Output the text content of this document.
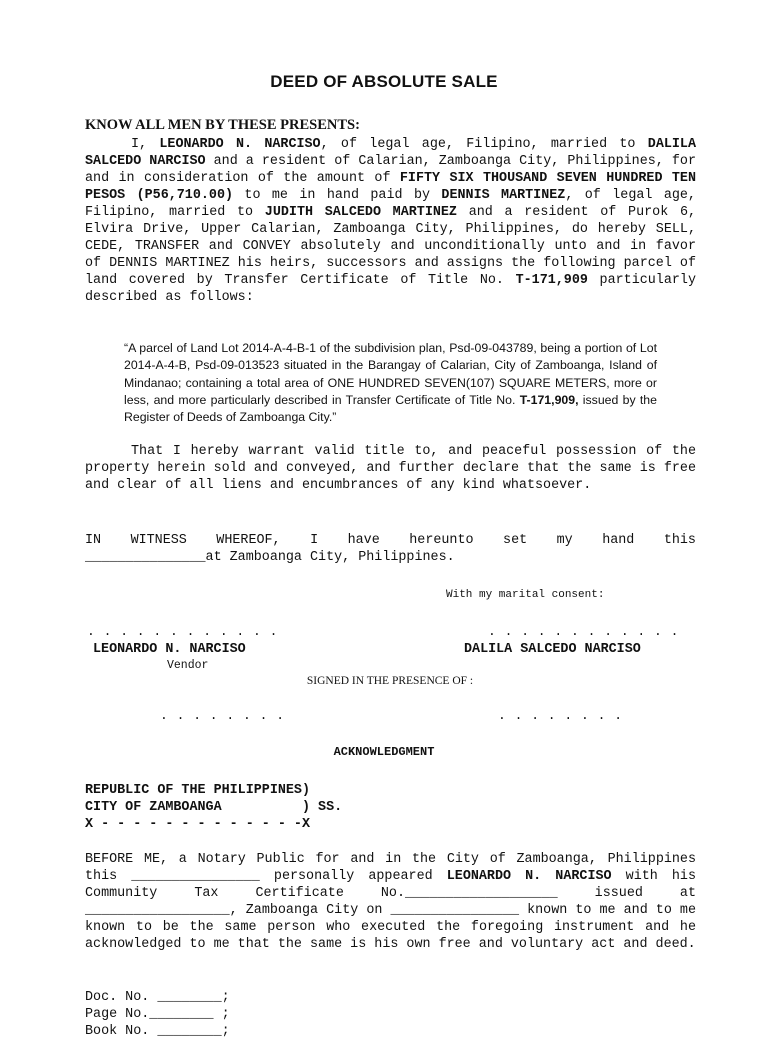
DEED OF ABSOLUTE SALE
KNOW ALL MEN BY THESE PRESENTS:
I, LEONARDO N. NARCISO, of legal age, Filipino, married to DALILA SALCEDO NARCISO and a resident of Calarian, Zamboanga City, Philippines, for and in consideration of the amount of FIFTY SIX THOUSAND SEVEN HUNDRED TEN PESOS (P56,710.00) to me in hand paid by DENNIS MARTINEZ, of legal age, Filipino, married to JUDITH SALCEDO MARTINEZ and a resident of Purok 6, Elvira Drive, Upper Calarian, Zamboanga City, Philippines, do hereby SELL, CEDE, TRANSFER and CONVEY absolutely and unconditionally unto and in favor of DENNIS MARTINEZ his heirs, successors and assigns the following parcel of land covered by Transfer Certificate of Title No. T-171,909 particularly described as follows:
“A parcel of Land Lot 2014-A-4-B-1 of the subdivision plan, Psd-09-043789, being a portion of Lot 2014-A-4-B, Psd-09-013523 situated in the Barangay of Calarian, City of Zamboanga, Island of Mindanao; containing a total area of ONE HUNDRED SEVEN(107) SQUARE METERS, more or less, and more particularly described in Transfer Certificate of Title No. T-171,909, issued by the Register of Deeds of Zamboanga City.”
That I hereby warrant valid title to, and peaceful possession of the property herein sold and conveyed, and further declare that the same is free and clear of all liens and encumbrances of any kind whatsoever.
IN WITNESS WHEREOF, I have hereunto set my hand this
_______________at Zamboanga City, Philippines.
With my marital consent:
. . . . . . . . . . . .	. . . . . . . . . . . .
LEONARDO N. NARCISO	DALILA SALCEDO NARCISO
Vendor
SIGNED IN THE PRESENCE OF :
. . . . . . . .	. . . . . . . .
ACKNOWLEDGMENT
REPUBLIC OF THE PHILIPPINES)
CITY OF ZAMBOANGA          ) SS.
X - - - - - - - - - - - - -X
BEFORE ME, a Notary Public for and in the City of Zamboanga, Philippines this ________________ personally appeared LEONARDO N. NARCISO with his Community Tax Certificate No.___________________ issued at __________________, Zamboanga City on ________________ known to me and to me known to be the same person who executed the foregoing instrument and he acknowledged to me that the same is his own free and voluntary act and deed.
Doc. No. ________;
Page No.________ ;
Book No. ________;
